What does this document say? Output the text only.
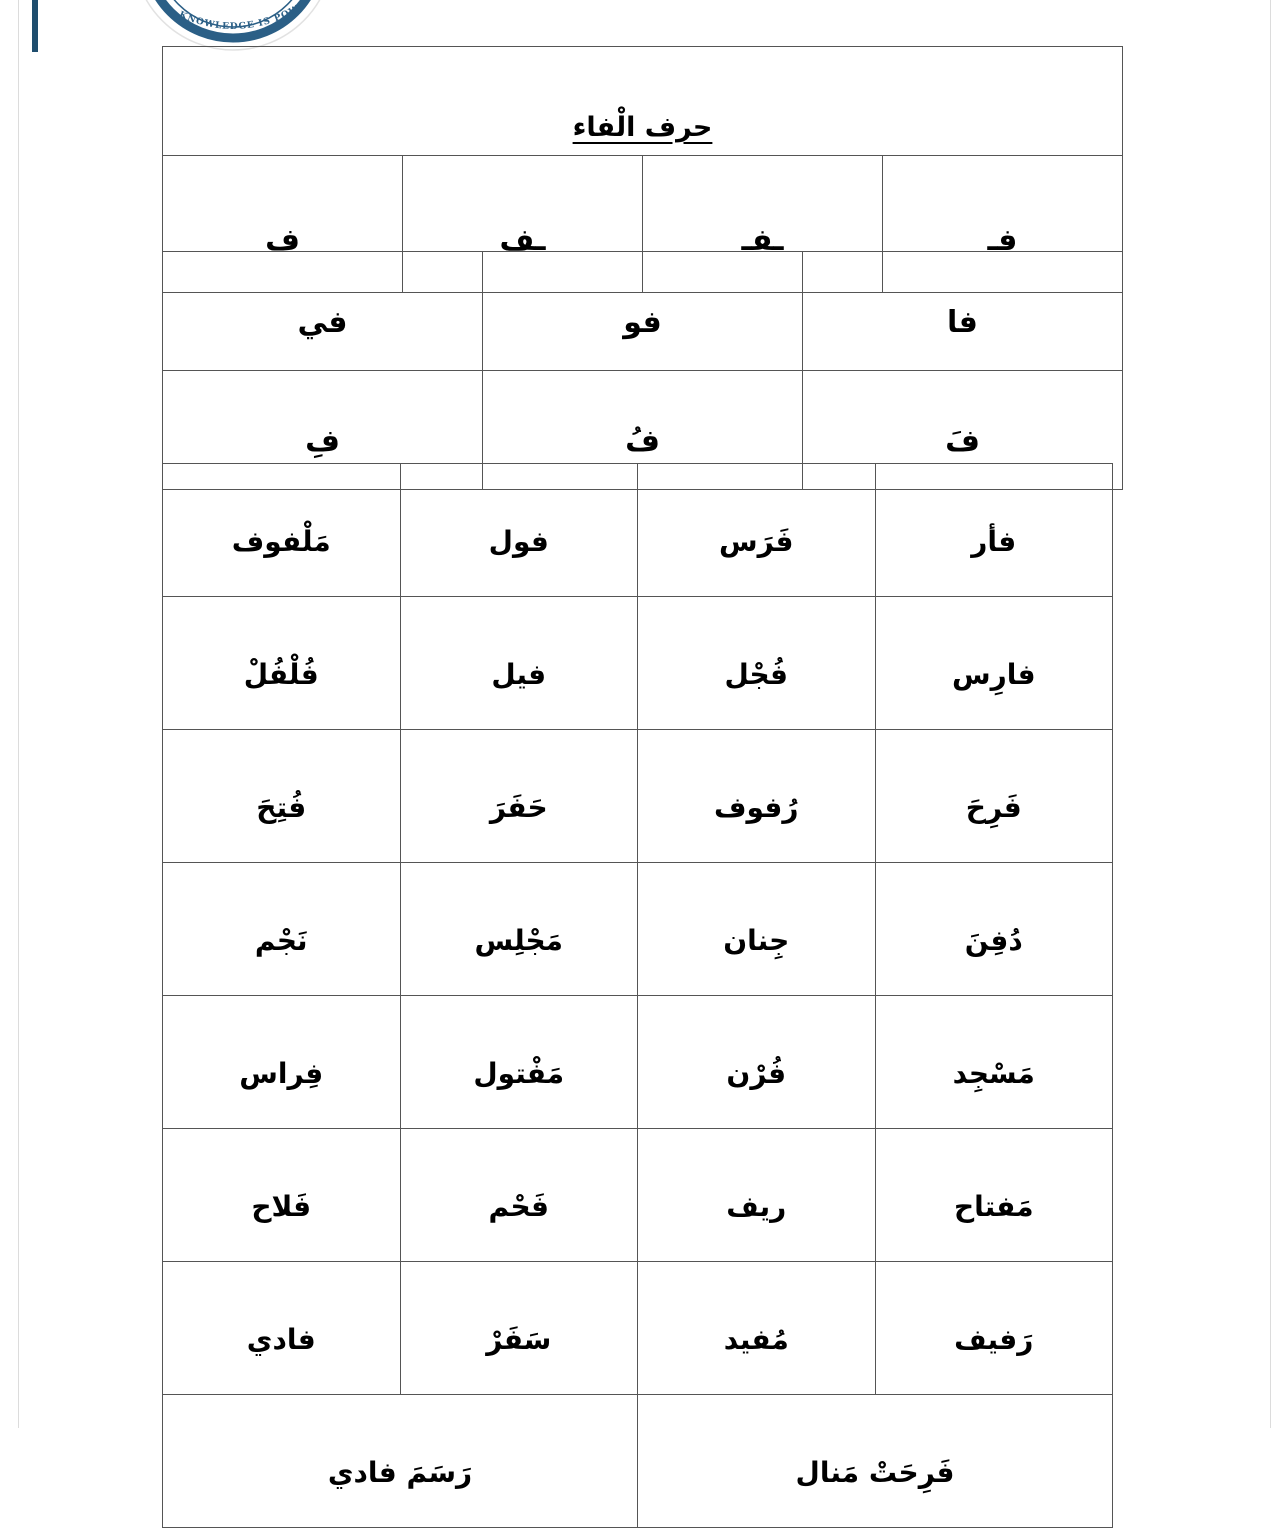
KNOWLEDGE IS POW
حرف الْفاء
فـ	ـفـ	ـف	ف
فا	فو	في
فَ	فُ	فِ
فأر	فَرَس	فول	مَلْفوف
فارِس	فُجْل	فيل	فُلْفُلْ
فَرِحَ	رُفوف	حَفَرَ	فُتِحَ
دُفِنَ	جِنان	مَجْلِس	نَجْم
مَسْجِد	فُرْن	مَفْتول	فِراس
مَفتاح	ريف	فَحْم	فَلاح
رَفيف	مُفيد	سَفَرْ	فادي
فَرِحَتْ مَنال		رَسَمَ فادي	
